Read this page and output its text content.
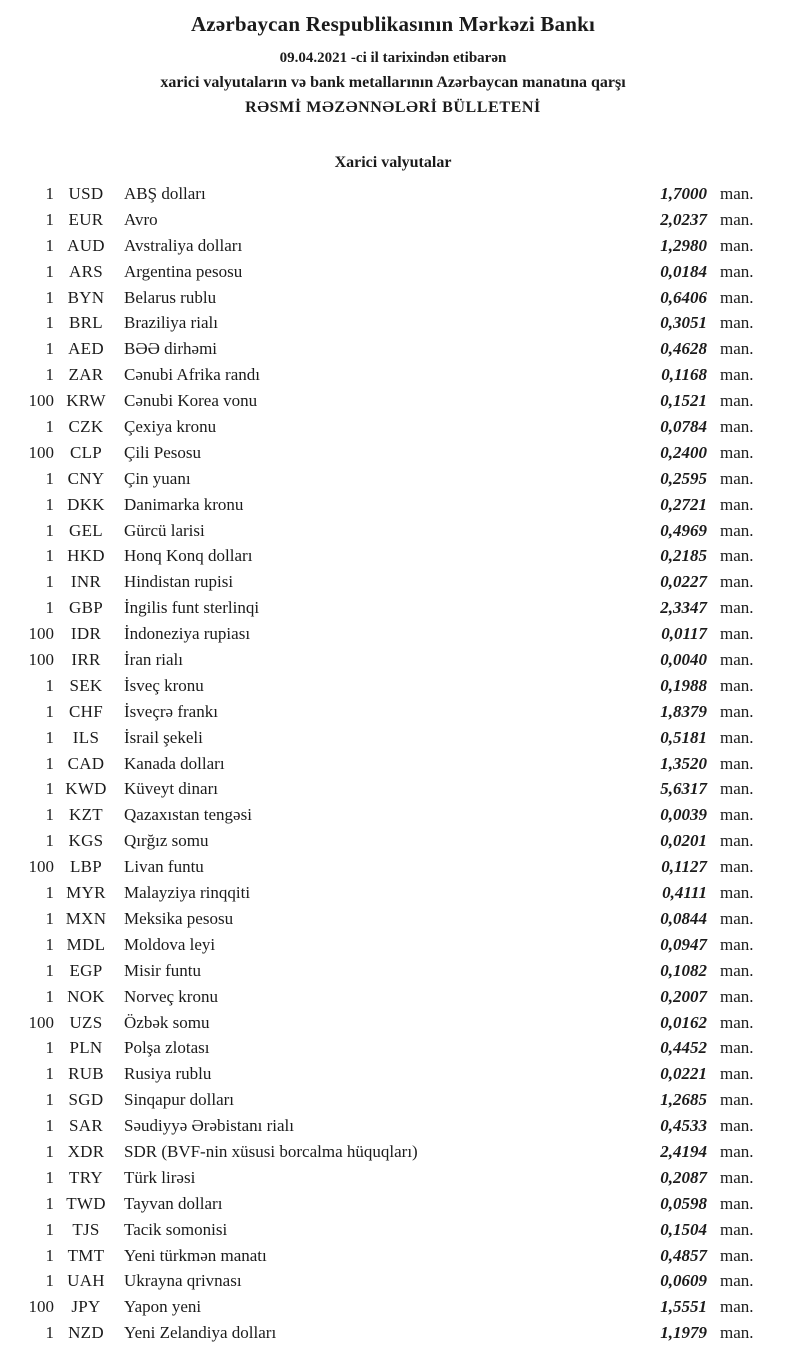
Azərbaycan Respublikasının Mərkəzi Bankı
09.04.2021 -ci il tarixindən etibarən
xarici valyutaların və bank metallarının Azərbaycan manatına qarşı
RƏSMİ MƏZƏNNƏLƏRİ BÜLLETENİ
Xarici valyutalar
1 USD	ABŞ dolları	1,7000 man.
1 EUR	Avro	2,0237 man.
1 AUD	Avstraliya dolları	1,2980 man.
1 ARS	Argentina pesosu	0,0184 man.
1 BYN	Belarus rublu	0,6406 man.
1 BRL	Braziliya rialı	0,3051 man.
1 AED	BƏƏ dirhəmi	0,4628 man.
1 ZAR	Cənubi Afrika randı	0,1168 man.
100 KRW	Cənubi Korea vonu	0,1521 man.
1 CZK	Çexiya kronu	0,0784 man.
100 CLP	Çili Pesosu	0,2400 man.
1 CNY	Çin yuanı	0,2595 man.
1 DKK	Danimarka kronu	0,2721 man.
1 GEL	Gürcü larisi	0,4969 man.
1 HKD	Honq Konq dolları	0,2185 man.
1 INR	Hindistan rupisi	0,0227 man.
1 GBP	İngilis funt sterlinqi	2,3347 man.
100 IDR	İndoneziya rupiası	0,0117 man.
100	IRR	İran rialı	0,0040 man.
1 SEK	İsveç kronu	0,1988 man.
1 CHF	İsveçrə frankı	1,8379 man.
1	ILS	İsrail şekeli	0,5181 man.
1 CAD	Kanada dolları	1,3520 man.
1 KWD	Küveyt dinarı	5,6317 man.
1 KZT	Qazaxıstan tengəsi	0,0039 man.
1 KGS	Qırğız somu	0,0201 man.
100 LBP	Livan funtu	0,1127 man.
1 MYR	Malayziya rinqqiti	0,4111 man.
1 MXN	Meksika pesosu	0,0844 man.
1 MDL	Moldova leyi	0,0947 man.
1 EGP	Misir funtu	0,1082 man.
1 NOK	Norveç kronu	0,2007 man.
100 UZS	Özbək somu	0,0162 man.
1 PLN	Polşa zlotası	0,4452 man.
1 RUB	Rusiya rublu	0,0221 man.
1 SGD	Sinqapur dolları	1,2685 man.
1 SAR	Səudiyyə Ərəbistanı rialı	0,4533 man.
1 XDR	SDR (BVF-nin xüsusi borcalma hüquqları)	2,4194 man.
1 TRY	Türk lirəsi	0,2087 man.
1 TWD	Tayvan dolları	0,0598 man.
1	TJS	Tacik somonisi	0,1504 man.
1 TMT	Yeni türkmən manatı	0,4857 man.
1 UAH	Ukrayna qrivnası	0,0609 man.
100	JPY	Yapon yeni	1,5551 man.
1 NZD	Yeni Zelandiya dolları	1,1979 man.
